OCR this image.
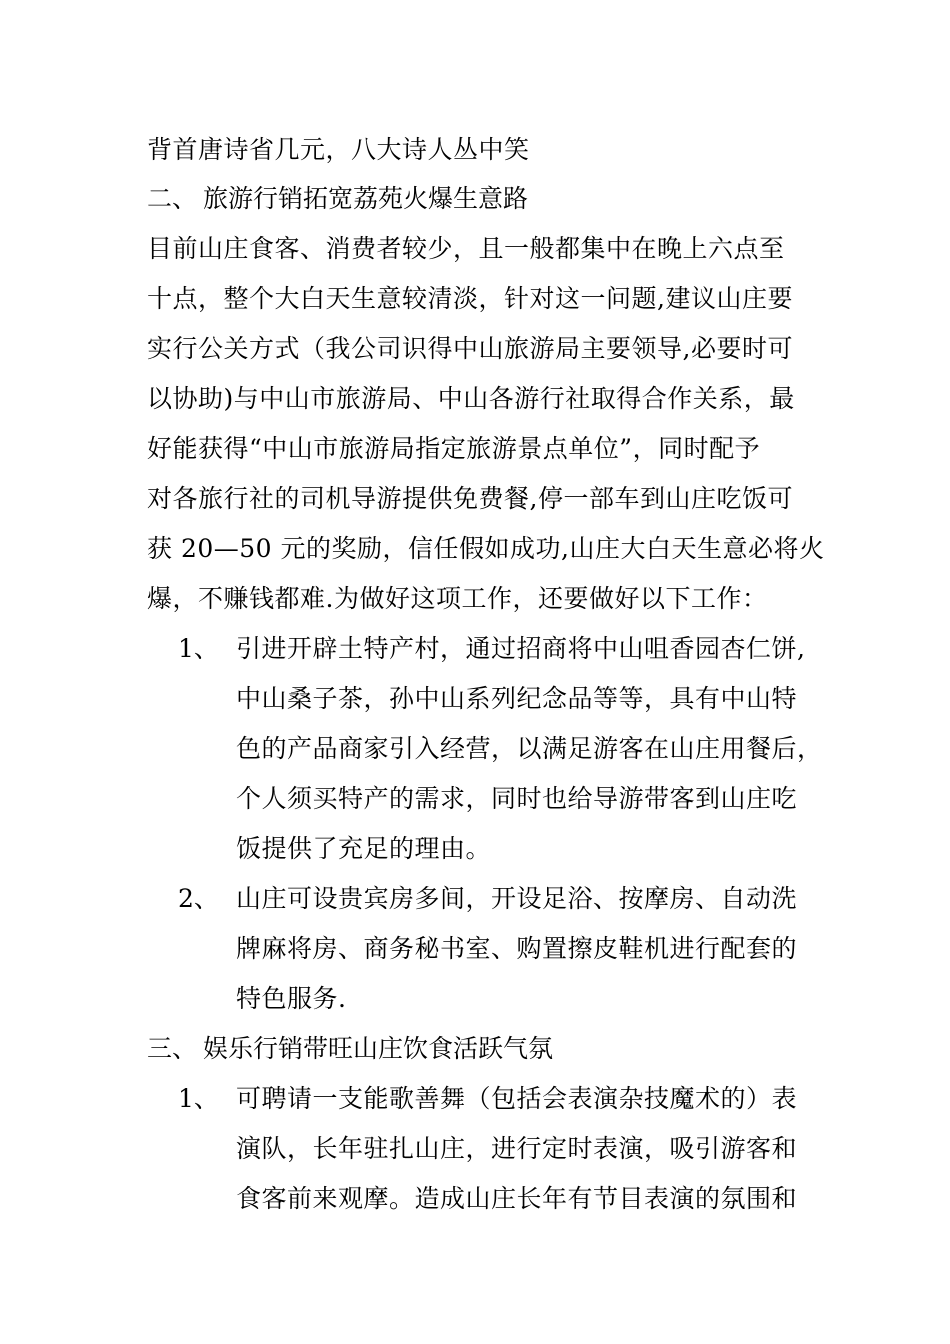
背首唐诗省几元，八大诗人丛中笑
二、 旅游行销拓宽荔苑火爆生意路
目前山庄食客、消费者较少，且一般都集中在晚上六点至
十点，整个大白天生意较清淡，针对这一问题,建议山庄要
实行公关方式（我公司识得中山旅游局主要领导,必要时可
以协助)与中山市旅游局、中山各游行社取得合作关系，最
好能获得“中山市旅游局指定旅游景点单位”，同时配予
对各旅行社的司机导游提供免费餐,停一部车到山庄吃饭可
获 20—50 元的奖励，信任假如成功,山庄大白天生意必将火
爆，不赚钱都难.为做好这项工作，还要做好以下工作：
1、 引进开辟土特产村，通过招商将中山咀香园杏仁饼,
中山桑子茶，孙中山系列纪念品等等，具有中山特
色的产品商家引入经营，以满足游客在山庄用餐后，
个人须买特产的需求，同时也给导游带客到山庄吃
饭提供了充足的理由。
2、 山庄可设贵宾房多间，开设足浴、按摩房、自动洗
牌麻将房、商务秘书室、购置擦皮鞋机进行配套的
特色服务.
三、 娱乐行销带旺山庄饮食活跃气氛
1、 可聘请一支能歌善舞（包括会表演杂技魔术的）表
演队，长年驻扎山庄，进行定时表演，吸引游客和
食客前来观摩。造成山庄长年有节目表演的氛围和
